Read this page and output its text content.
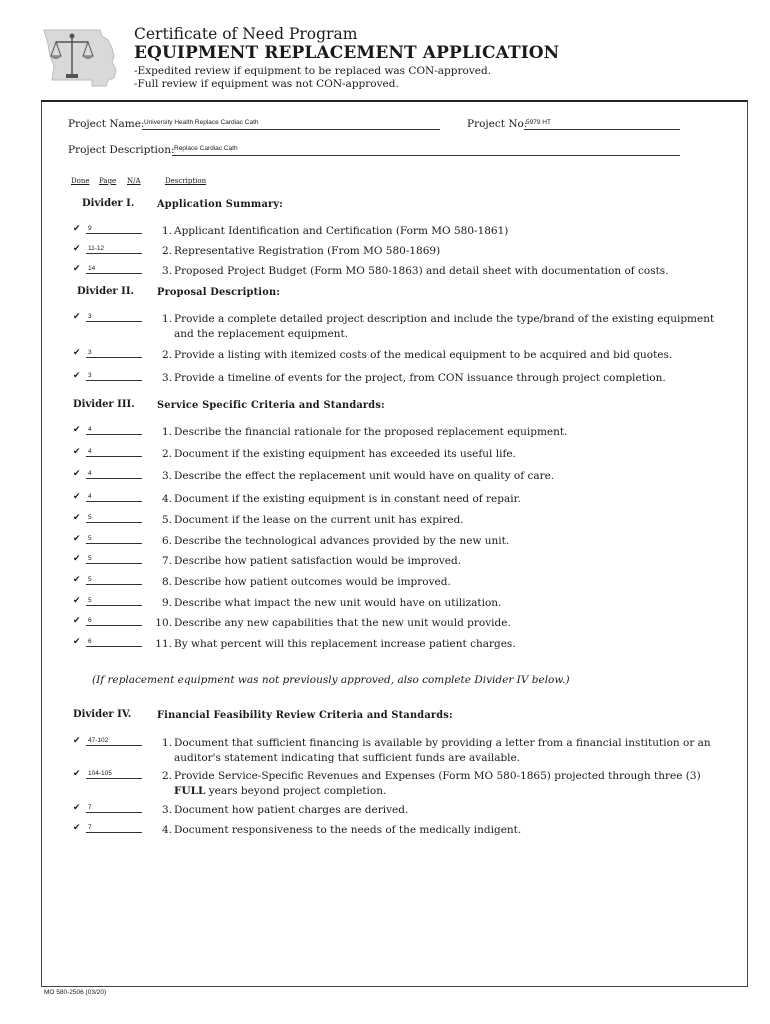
Certificate of Need Program
EQUIPMENT REPLACEMENT APPLICATION
-Expedited review if equipment to be replaced was CON-approved.
-Full review if equipment was not CON-approved.
Project Name: University Health Replace Cardiac Cath	Project No:
5979 HT
Project Description: Replace Cardiac Cath
Done Page N/A	Description
Divider I. Application Summary:
✔ 9	1. Applicant Identification and Certification (Form MO 580-1861)
✔ 11-12	2. Representative Registration (From MO 580-1869)
✔ 14	3. Proposed Project Budget (Form MO 580-1863) and detail sheet with documentation of costs.
Divider II. Proposal Description:
✔ 3	1. Provide a complete detailed project description and include the type/brand of the existing equipment and the replacement equipment.
✔ 3	2. Provide a listing with itemized costs of the medical equipment to be acquired and bid quotes.
✔ 3	3. Provide a timeline of events for the project, from CON issuance through project completion.
Divider III. Service Specific Criteria and Standards:
✔ 4	1. Describe the financial rationale for the proposed replacement equipment.
✔ 4	2. Document if the existing equipment has exceeded its useful life.
✔ 4	3. Describe the effect the replacement unit would have on quality of care.
✔ 4	4. Document if the existing equipment is in constant need of repair.
✔ 5	5. Document if the lease on the current unit has expired.
✔ 5	6. Describe the technological advances provided by the new unit.
✔ 5	7. Describe how patient satisfaction would be improved.
✔ 5	8. Describe how patient outcomes would be improved.
✔ 5	9. Describe what impact the new unit would have on utilization.
✔ 6	10. Describe any new capabilities that the new unit would provide.
✔ 6	11. By what percent will this replacement increase patient charges.
(If replacement equipment was not previously approved, also complete Divider IV below.)
Divider IV.	Financial Feasibility Review Criteria and Standards:
✔ 47-102	1. Document that sufficient financing is available by providing a letter from a financial institution or an auditor's statement indicating that sufficient funds are available.
✔ 104-105	2. Provide Service-Specific Revenues and Expenses (Form MO 580-1865) projected through three (3) FULL years beyond project completion.
✔ 7	3. Document how patient charges are derived.
✔ 7	4. Document responsiveness to the needs of the medically indigent.
MO 580-2506 (03/20)
